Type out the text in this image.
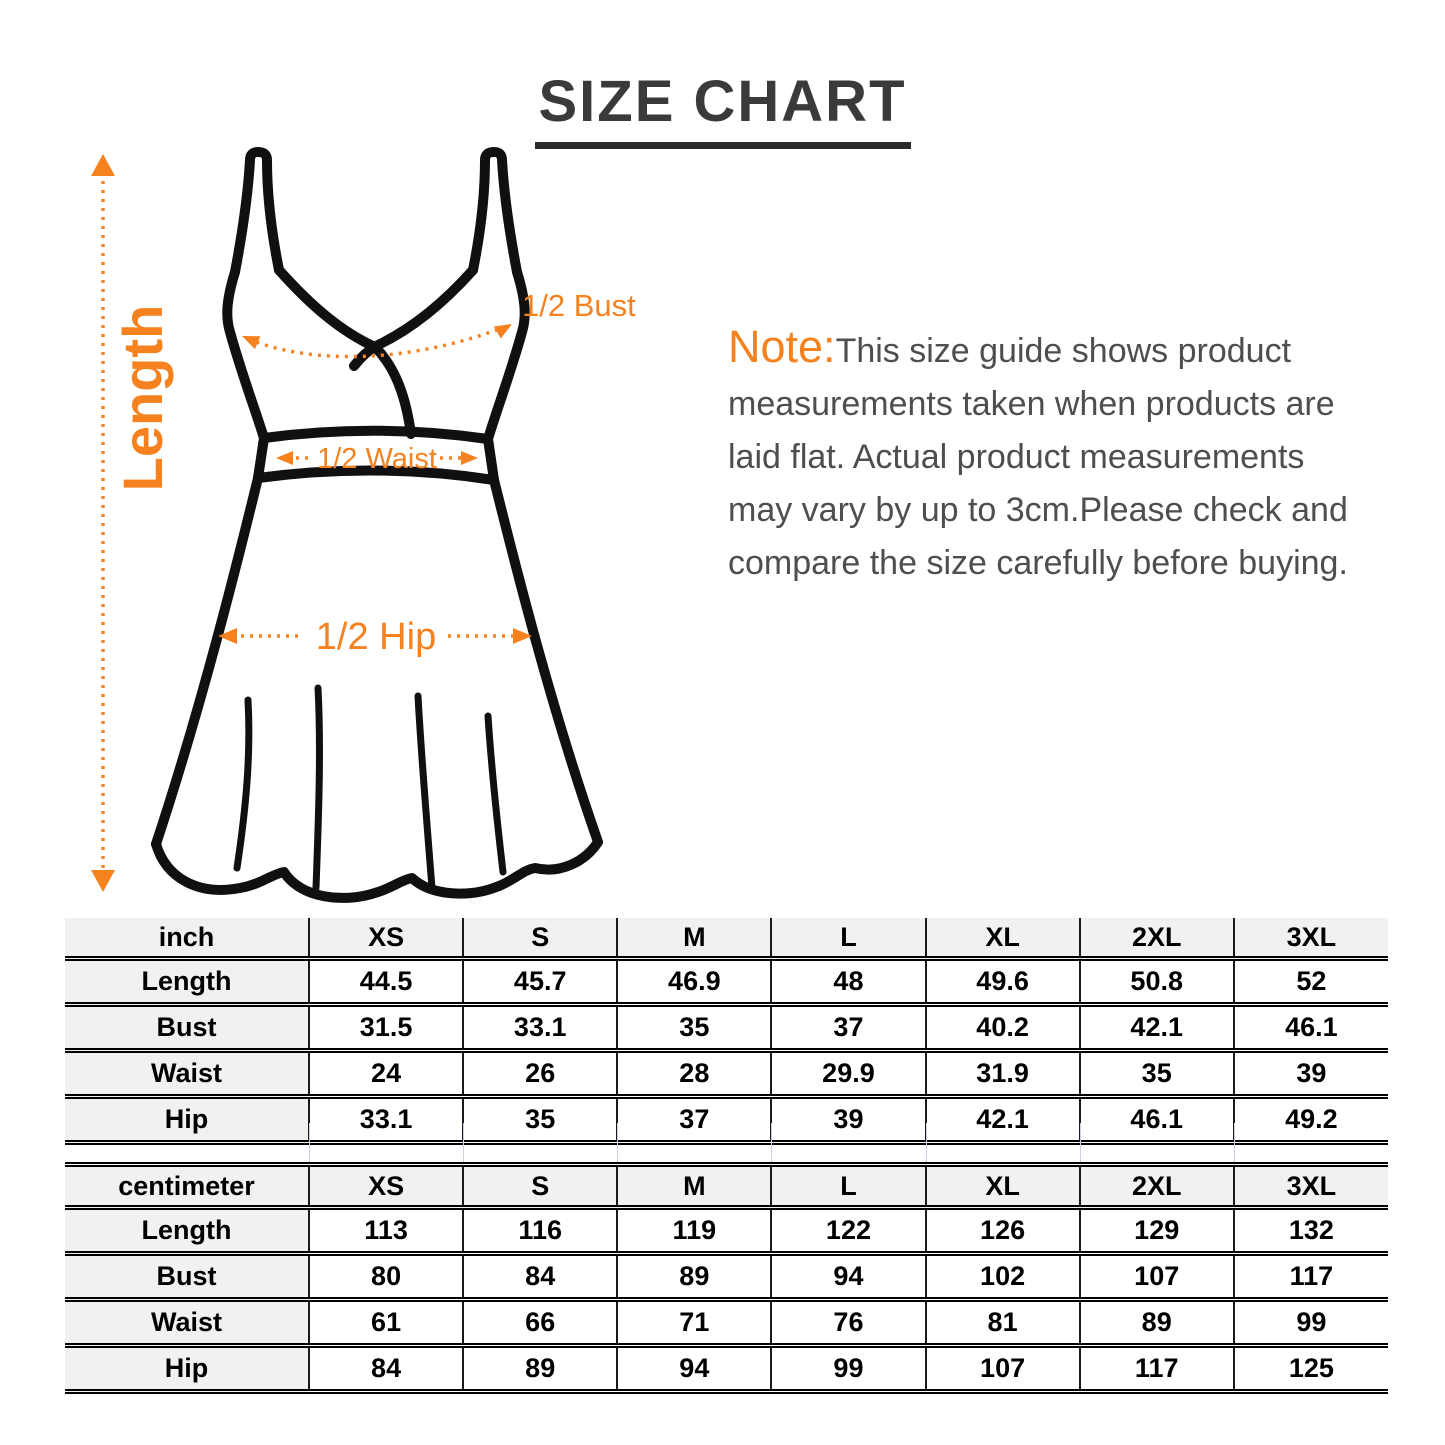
SIZE CHART
Length	1/2 Bust
1/2 Waist
1/2 Hip
Note:This size guide shows product
measurements taken when products are
laid flat. Actual product measurements
may vary by up to 3cm.Please check and
compare the size carefully before buying.
inch	XS	S	M	L	XL	2XL	3XL
Length	44.5	45.7	46.9	48	49.6	50.8	52
Bust	31.5	33.1	35	37	40.2	42.1	46.1
Waist	24	26	28	29.9	31.9	35	39
Hip	33.1	35	37	39	42.1	46.1	49.2
centimeter	XS	S	M	L	XL	2XL	3XL
Length	113	116	119	122	126	129	132
Bust	80	84	89	94	102	107	117
Waist	61	66	71	76	81	89	99
Hip	84	89	94	99	107	117	125
